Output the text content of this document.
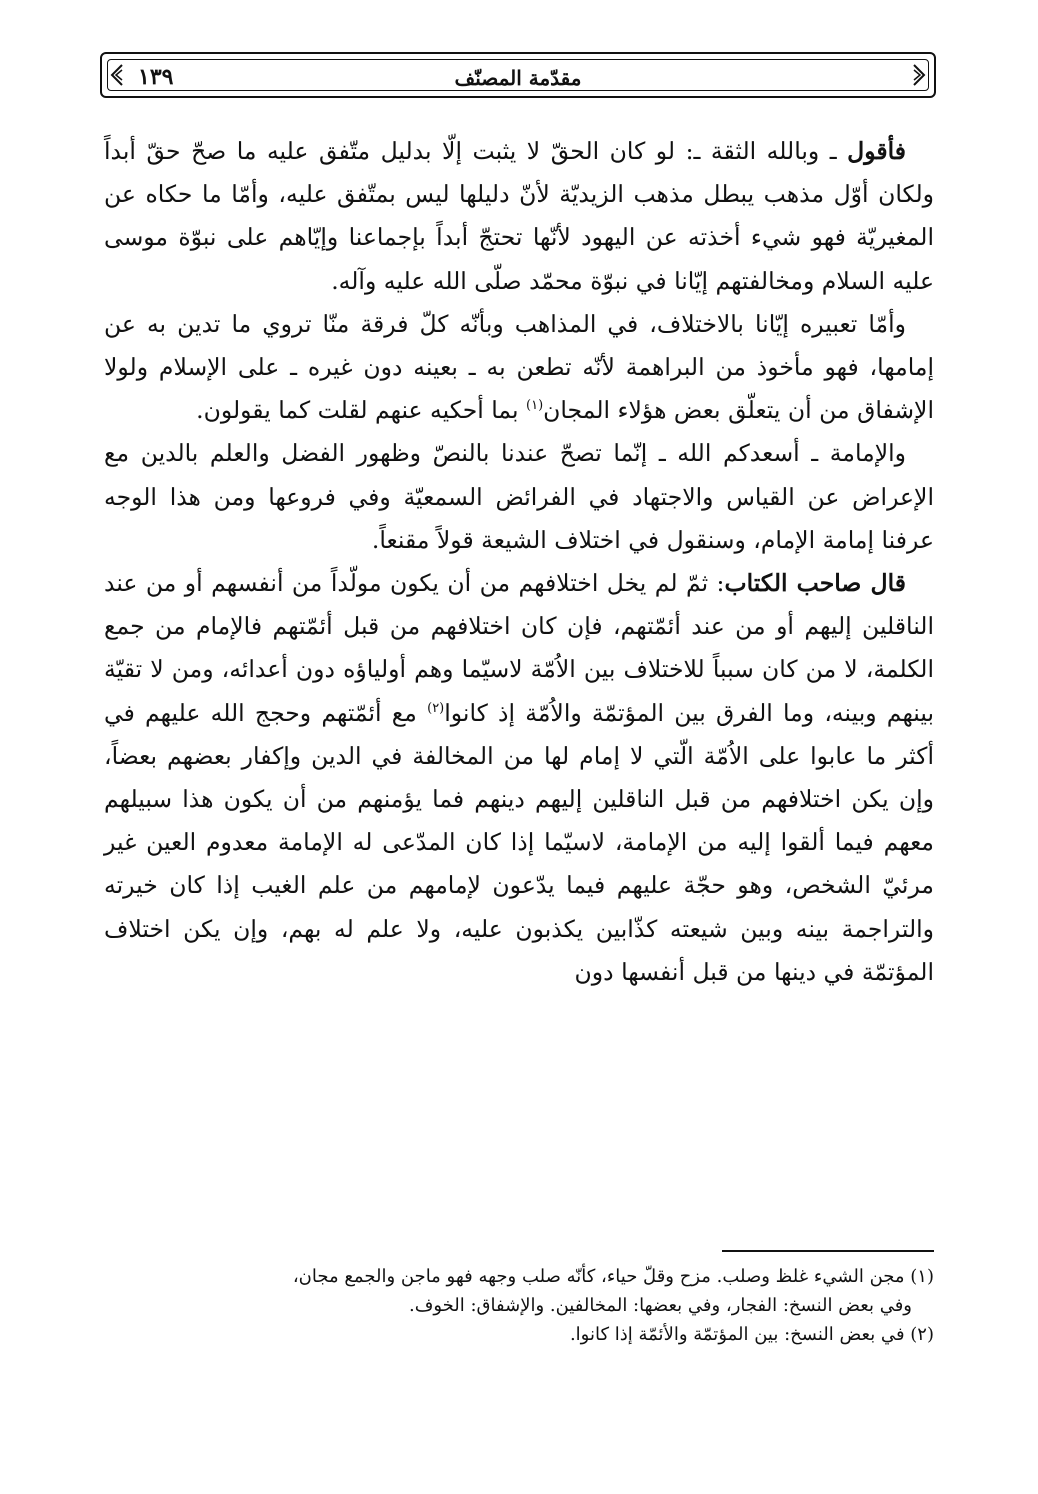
مقدّمة المصنّف
١٣٩

فأقول ـ وبالله الثقة ـ: لو كان الحقّ لا يثبت إلّا بدليل متّفق عليه ما صحّ حقّ أبداً ولكان أوّل مذهب يبطل مذهب الزيديّة لأنّ دليلها ليس بمتّفق عليه، وأمّا ما حكاه عن المغيريّة فهو شيء أخذته عن اليهود لأنّها تحتجّ أبداً بإجماعنا وإيّاهم على نبوّة موسى عليه السلام ومخالفتهم إيّانا في نبوّة محمّد صلّى الله عليه وآله.

وأمّا تعبيره إيّانا بالاختلاف، في المذاهب وبأنّه كلّ فرقة منّا تروي ما تدين به عن إمامها، فهو مأخوذ من البراهمة لأنّه تطعن به ـ بعينه دون غيره ـ على الإسلام ولولا الإشفاق من أن يتعلّق بعض هؤلاء المجان$^{(١)}$ بما أحكيه عنهم لقلت كما يقولون.

والإمامة ـ أسعدكم الله ـ إنّما تصحّ عندنا بالنصّ وظهور الفضل والعلم بالدين مع الإعراض عن القياس والاجتهاد في الفرائض السمعيّة وفي فروعها ومن هذا الوجه عرفنا إمامة الإمام، وسنقول في اختلاف الشيعة قولاً مقنعاً.

قال صاحب الكتاب: ثمّ لم يخل اختلافهم من أن يكون مولّداً من أنفسهم أو من عند الناقلين إليهم أو من عند أئمّتهم، فإن كان اختلافهم من قبل أئمّتهم فالإمام من جمع الكلمة، لا من كان سبباً للاختلاف بين الاُمّة لاسيّما وهم أولياؤه دون أعدائه، ومن لا تقيّة بينهم وبينه، وما الفرق بين المؤتمّة والاُمّة إذ كانوا$^{(٢)}$ مع أئمّتهم وحجج الله عليهم في أكثر ما عابوا على الاُمّة الّتي لا إمام لها من المخالفة في الدين وإكفار بعضهم بعضاً، وإن يكن اختلافهم من قبل الناقلين إليهم دينهم فما يؤمنهم من أن يكون هذا سبيلهم معهم فيما ألقوا إليه من الإمامة، لاسيّما إذا كان المدّعى له الإمامة معدوم العين غير مرئيّ الشخص، وهو حجّة عليهم فيما يدّعون لإمامهم من علم الغيب إذا كان خيرته والتراجمة بينه وبين شيعته كذّابين يكذبون عليه، ولا علم له بهم، وإن يكن اختلاف المؤتمّة في دينها من قبل أنفسها دون

(١) مجن الشيء غلظ وصلب. مزح وقلّ حياء، كأنّه صلب وجهه فهو ماجن والجمع مجان،

وفي بعض النسخ: الفجار، وفي بعضها: المخالفين. والإشفاق: الخوف.

(٢) في بعض النسخ: بين المؤتمّة والأئمّة إذا كانوا.
